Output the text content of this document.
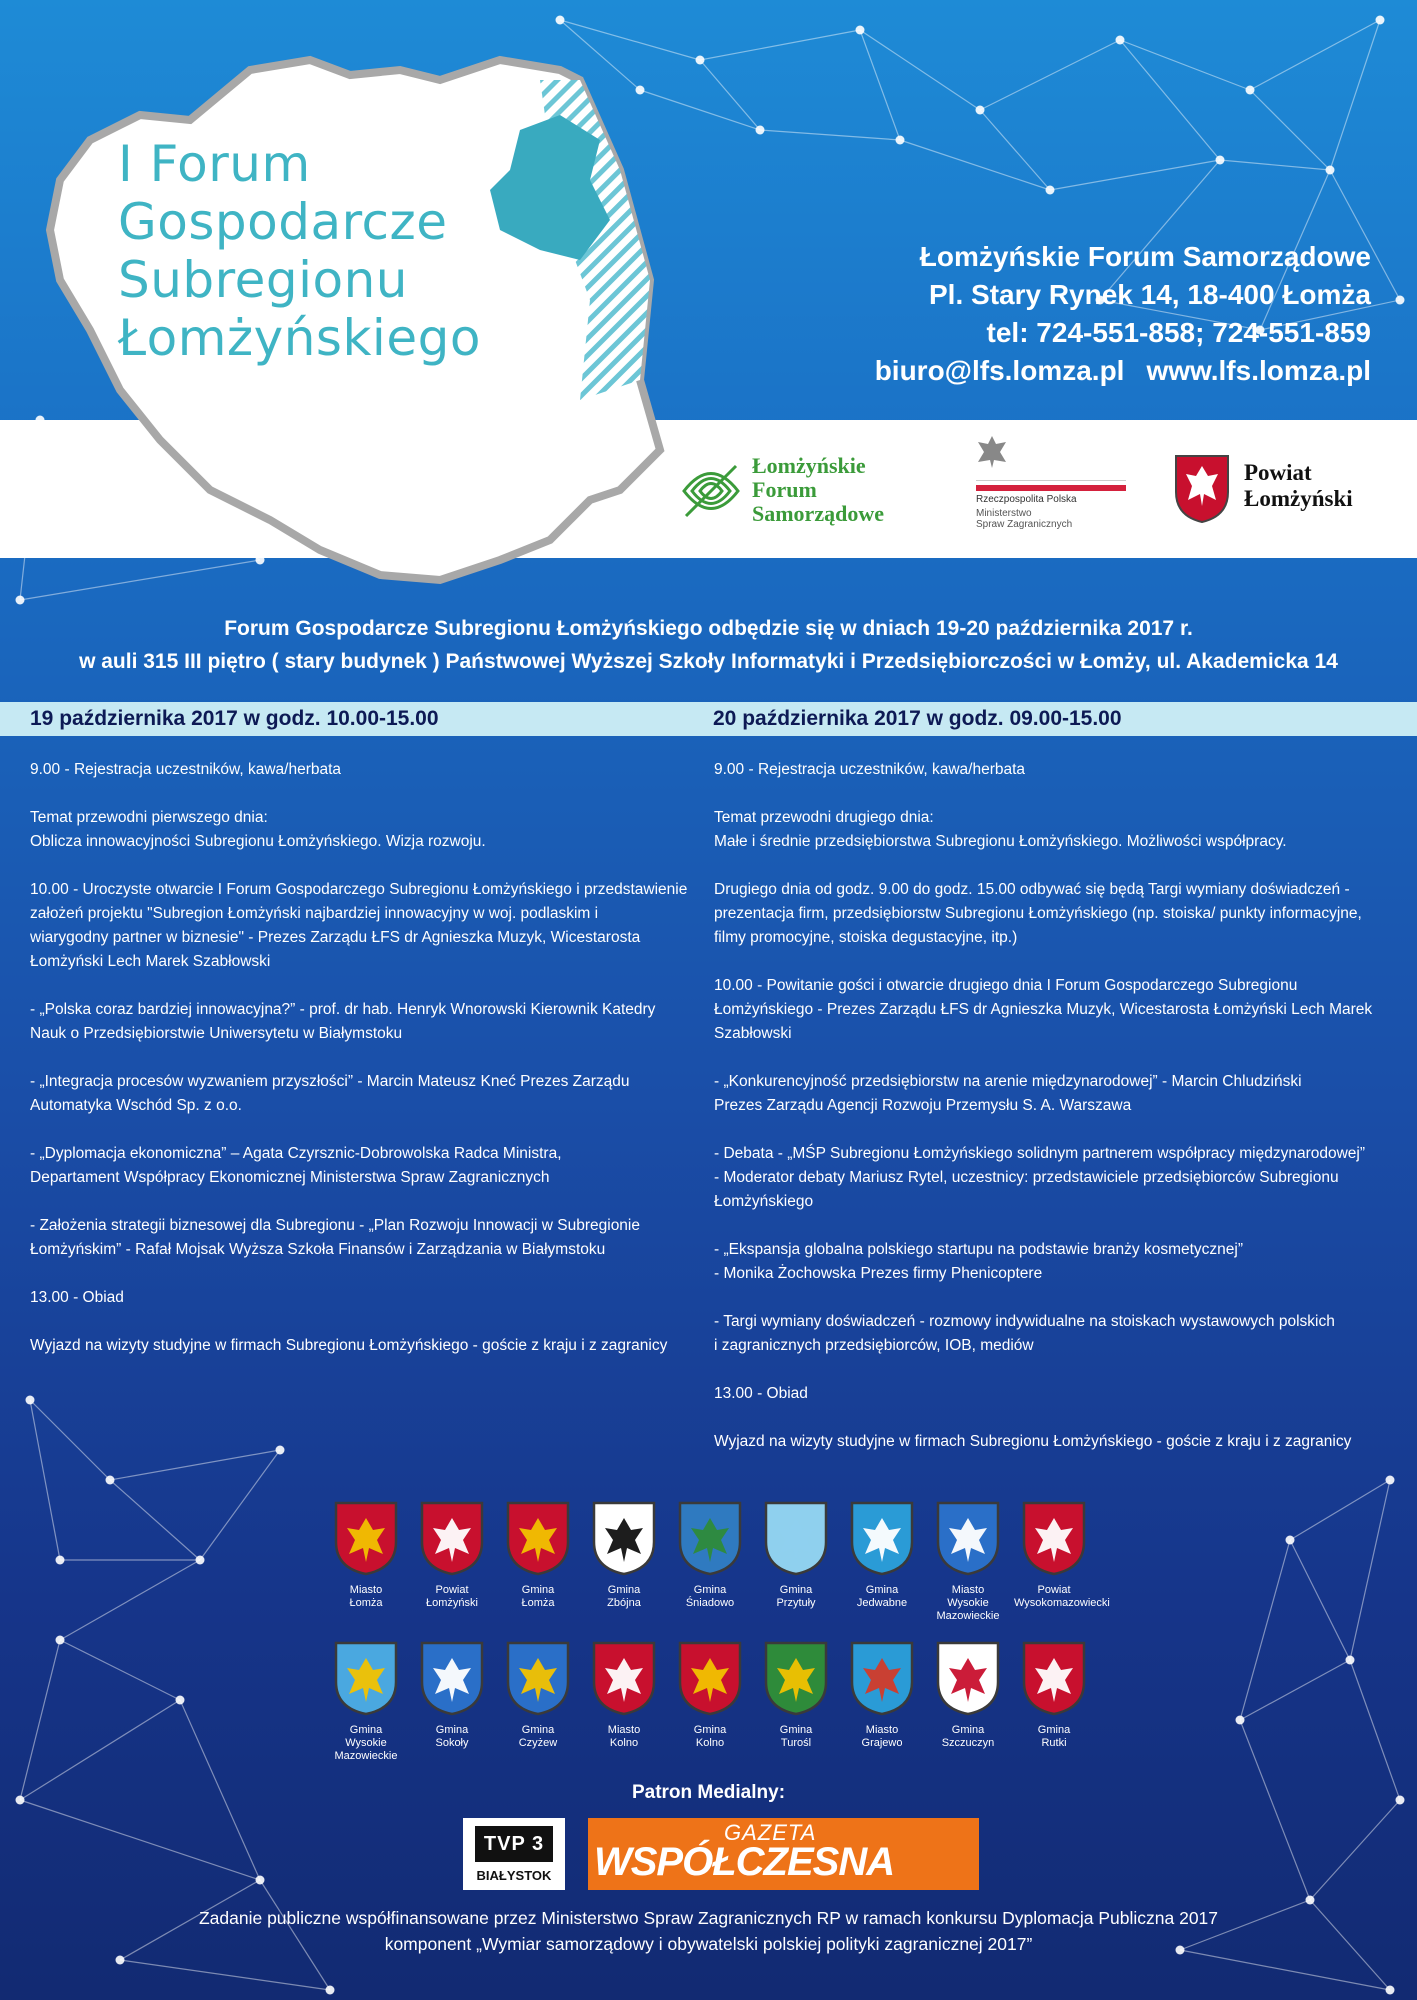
I Forum
Gospodarcze
Subregionu
Łomżyńskiego
Łomżyńskie Forum Samorządowe
Pl. Stary Rynek 14, 18-400 Łomża
tel: 724-551-858; 724-551-859
biuro@lfs.lomza.pl www.lfs.lomza.pl
Łomżyńskie
Forum
Samorządowe
Rzeczpospolita Polska
Ministerstwo
Spraw Zagranicznych
Powiat
Łomżyński
Forum Gospodarcze Subregionu Łomżyńskiego odbędzie się w dniach 19-20 października 2017 r.
w auli 315 III piętro ( stary budynek ) Państwowej Wyższej Szkoły Informatyki i Przedsiębiorczości w Łomży, ul. Akademicka 14
19 października 2017 w godz. 10.00-15.00	20 października 2017 w godz. 09.00-15.00

9.00 - Rejestracja uczestników, kawa/herbata

Temat przewodni pierwszego dnia:
Oblicza innowacyjności Subregionu Łomżyńskiego. Wizja rozwoju.

10.00 - Uroczyste otwarcie I Forum Gospodarczego Subregionu Łomżyńskiego i przedstawienie
założeń projektu "Subregion Łomżyński najbardziej innowacyjny w woj. podlaskim i
wiarygodny partner w biznesie" - Prezes Zarządu ŁFS dr Agnieszka Muzyk, Wicestarosta
Łomżyński Lech Marek Szabłowski

- „Polska coraz bardziej innowacyjna?” - prof. dr hab. Henryk Wnorowski Kierownik Katedry
Nauk o Przedsiębiorstwie Uniwersytetu w Białymstoku

- „Integracja procesów wyzwaniem przyszłości” - Marcin Mateusz Kneć Prezes Zarządu
Automatyka Wschód Sp. z o.o.

- „Dyplomacja ekonomiczna” – Agata Czyrsznic-Dobrowolska Radca Ministra,
Departament Współpracy Ekonomicznej Ministerstwa Spraw Zagranicznych

- Założenia strategii biznesowej dla Subregionu - „Plan Rozwoju Innowacji w Subregionie
Łomżyńskim” - Rafał Mojsak Wyższa Szkoła Finansów i Zarządzania w Białymstoku

13.00 - Obiad

Wyjazd na wizyty studyjne w firmach Subregionu Łomżyńskiego - goście z kraju i z zagranicy

9.00 - Rejestracja uczestników, kawa/herbata

Temat przewodni drugiego dnia:
Małe i średnie przedsiębiorstwa Subregionu Łomżyńskiego. Możliwości współpracy.

Drugiego dnia od godz. 9.00 do godz. 15.00 odbywać się będą Targi wymiany doświadczeń -
prezentacja firm, przedsiębiorstw Subregionu Łomżyńskiego (np. stoiska/ punkty informacyjne,
filmy promocyjne, stoiska degustacyjne, itp.)

10.00 - Powitanie gości i otwarcie drugiego dnia I Forum Gospodarczego Subregionu
Łomżyńskiego - Prezes Zarządu ŁFS dr Agnieszka Muzyk, Wicestarosta Łomżyński Lech Marek
Szabłowski

- „Konkurencyjność przedsiębiorstw na arenie międzynarodowej” - Marcin Chludziński
Prezes Zarządu Agencji Rozwoju Przemysłu S. A. Warszawa

- Debata - „MŚP Subregionu Łomżyńskiego solidnym partnerem współpracy międzynarodowej”
- Moderator debaty Mariusz Rytel, uczestnicy: przedstawiciele przedsiębiorców Subregionu
Łomżyńskiego

- „Ekspansja globalna polskiego startupu na podstawie branży kosmetycznej”
- Monika Żochowska Prezes firmy Phenicoptere

- Targi wymiany doświadczeń - rozmowy indywidualne na stoiskach wystawowych polskich
i zagranicznych przedsiębiorców, IOB, mediów

13.00 - Obiad

Wyjazd na wizyty studyjne w firmach Subregionu Łomżyńskiego - goście z kraju i z zagranicy

Miasto
Łomża
Powiat
Łomżyński
Gmina
Łomża
Gmina
Zbójna
Gmina
Śniadowo
Gmina
Przytuły
Gmina
Jedwabne
Miasto
Wysokie
Mazowieckie
Powiat
Wysokomazowiecki
Gmina
Wysokie
Mazowieckie
Gmina
Sokoły
Gmina
Czyżew
Miasto
Kolno
Gmina
Kolno
Gmina
Turośl
Miasto
Grajewo
Gmina
Szczuczyn
Gmina
Rutki
Patron Medialny:
TVP 3
BIAŁYSTOK
GAZETA
WSPÓŁCZESNA
Zadanie publiczne współfinansowane przez Ministerstwo Spraw Zagranicznych RP w ramach konkursu Dyplomacja Publiczna 2017
komponent „Wymiar samorządowy i obywatelski polskiej polityki zagranicznej 2017”
